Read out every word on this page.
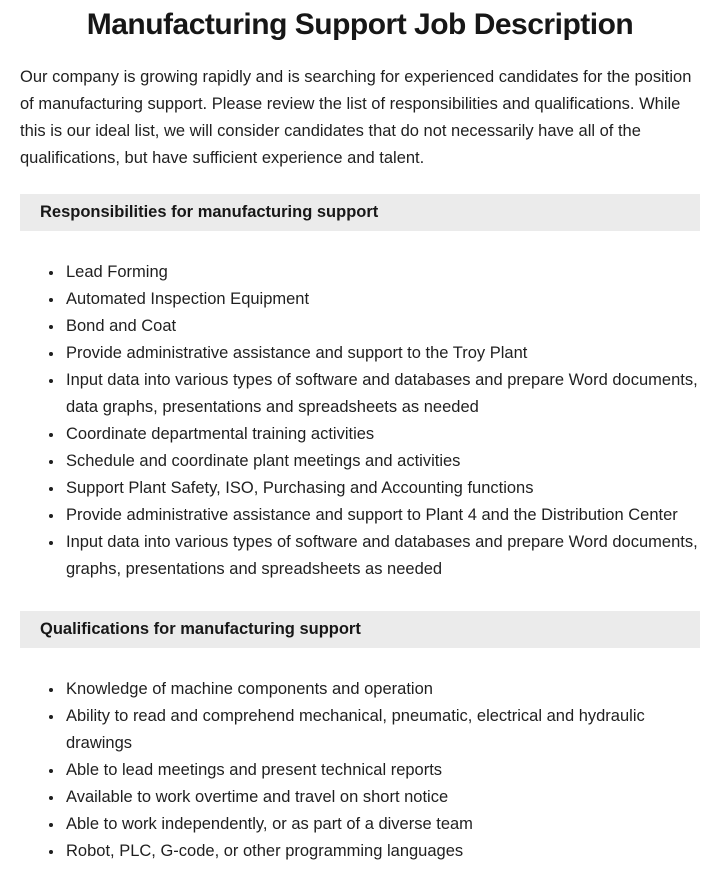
Manufacturing Support Job Description

Our company is growing rapidly and is searching for experienced candidates for the position of manufacturing support. Please review the list of responsibilities and qualifications. While this is our ideal list, we will consider candidates that do not necessarily have all of the qualifications, but have sufficient experience and talent.

Responsibilities for manufacturing support
• Lead Forming
• Automated Inspection Equipment
• Bond and Coat
• Provide administrative assistance and support to the Troy Plant
• Input data into various types of software and databases and prepare Word documents, data graphs, presentations and spreadsheets as needed
• Coordinate departmental training activities
• Schedule and coordinate plant meetings and activities
• Support Plant Safety, ISO, Purchasing and Accounting functions
• Provide administrative assistance and support to Plant 4 and the Distribution Center
• Input data into various types of software and databases and prepare Word documents, graphs, presentations and spreadsheets as needed
Qualifications for manufacturing support
• Knowledge of machine components and operation
• Ability to read and comprehend mechanical, pneumatic, electrical and hydraulic drawings
• Able to lead meetings and present technical reports
• Available to work overtime and travel on short notice
• Able to work independently, or as part of a diverse team
• Robot, PLC, G-code, or other programming languages
